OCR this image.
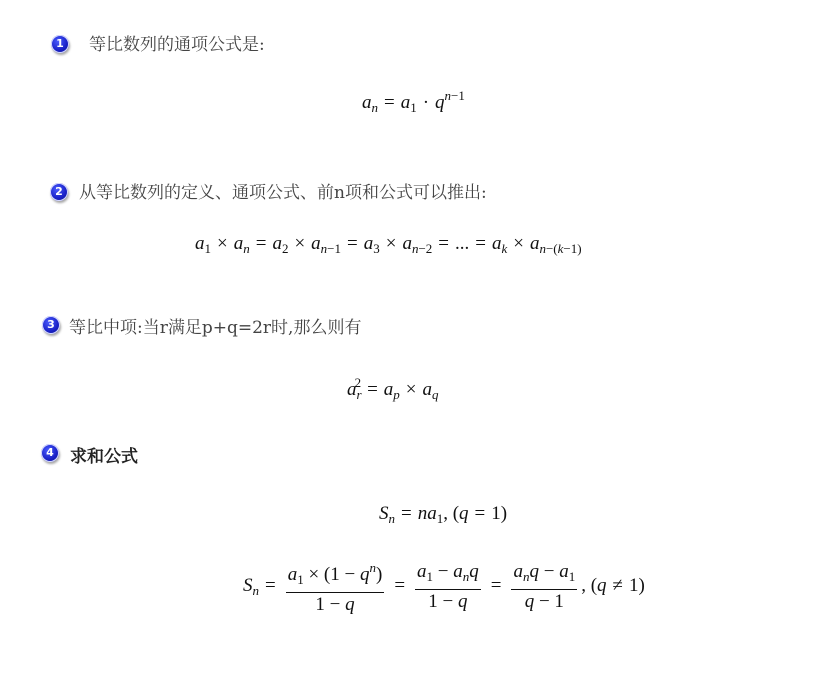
1	等比数列的通项公式是:
$a_n = a_1 \cdot q^{n-1}$
2 从等比数列的定义、通项公式、前n项和公式可以推出:
$a_1 \times a_n = a_2 \times a_{n-1} = a_3 \times a_{n-2}$ = ... = $a_k \times a_{n-(k-1)}$
3 等比中项:当r满足p+q=2r时,那么则有
$a_r^2 = a_p \times a_q$
4 求和公式
$S_n = na_1$, (q = 1)
$S_n = \frac{a_1 \times (1 - q^n)}{1 - q} = \frac{a_1 - a_nq}{1 - q} = \frac{a_nq - a_1}{q - 1}$ , (q ≠ 1)
